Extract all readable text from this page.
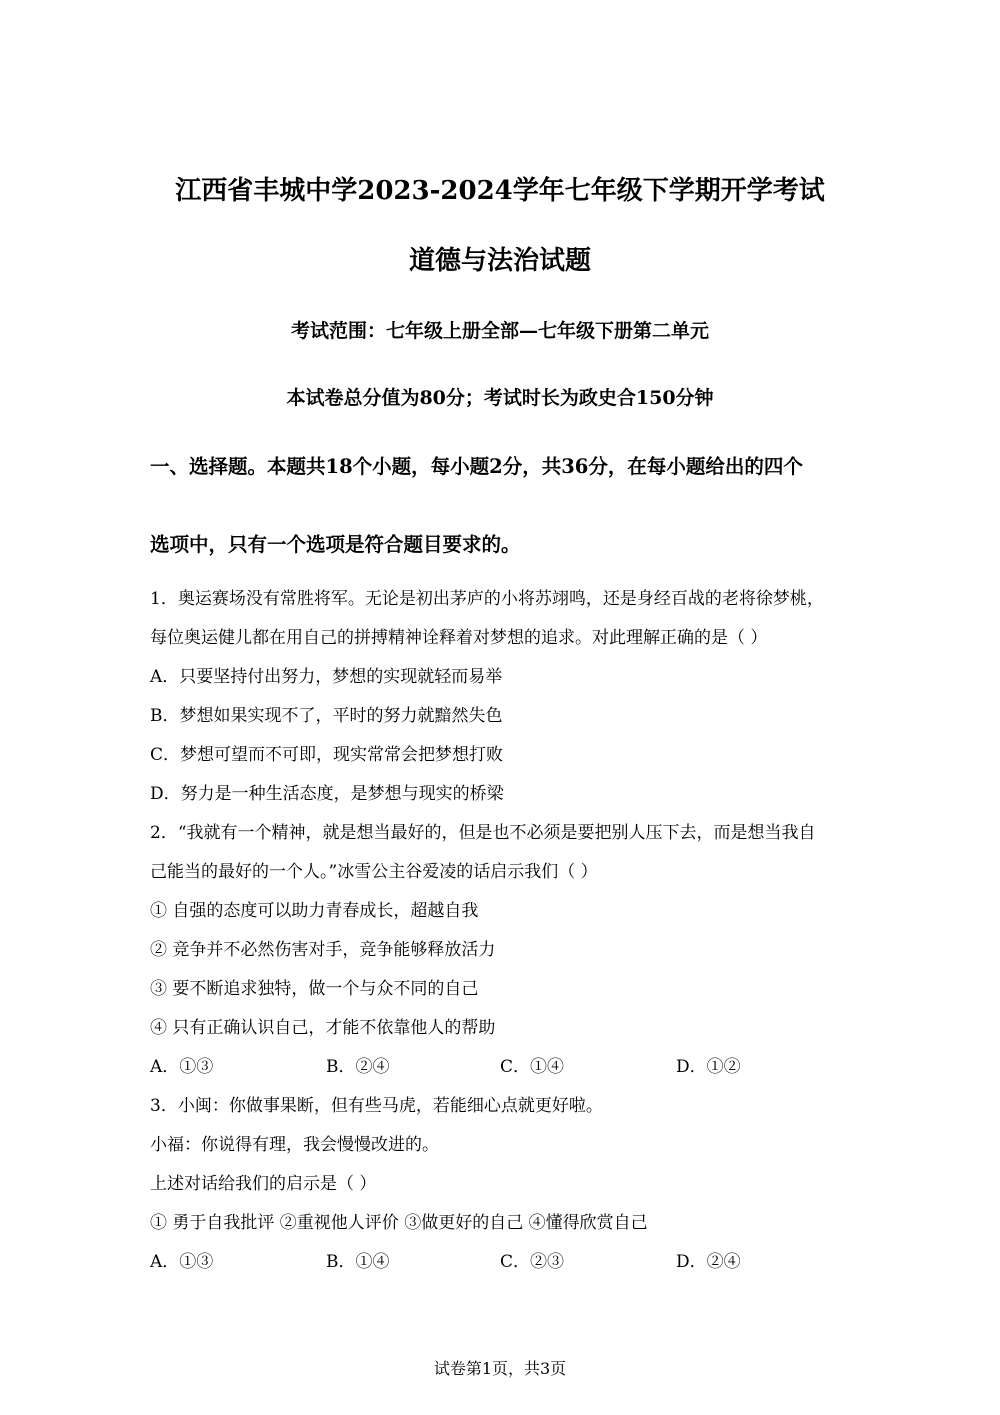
江西省丰城中学2023-2024学年七年级下学期开学考试
道德与法治试题
考试范围：七年级上册全部—七年级下册第二单元
本试卷总分值为80分；考试时长为政史合150分钟
一、选择题。本题共18个小题，每小题2分，共36分，在每小题给出的四个
选项中，只有一个选项是符合题目要求的。
1．奥运赛场没有常胜将军。无论是初出茅庐的小将苏翊鸣，还是身经百战的老将徐梦桃，
每位奥运健儿都在用自己的拼搏精神诠释着对梦想的追求。对此理解正确的是（ ）
A．只要坚持付出努力，梦想的实现就轻而易举
B．梦想如果实现不了，平时的努力就黯然失色
C．梦想可望而不可即，现实常常会把梦想打败
D．努力是一种生活态度，是梦想与现实的桥梁
2．“我就有一个精神，就是想当最好的，但是也不必须是要把别人压下去，而是想当我自
己能当的最好的一个人。”冰雪公主谷爱凌的话启示我们（ ）
① 自强的态度可以助力青春成长，超越自我
② 竞争并不必然伤害对手，竞争能够释放活力
③ 要不断追求独特，做一个与众不同的自己
④ 只有正确认识自己，才能不依靠他人的帮助
A．①③	B．②④	C．①④	D．①②
3．小闽：你做事果断，但有些马虎，若能细心点就更好啦。
小福：你说得有理，我会慢慢改进的。
上述对话给我们的启示是（ ）
① 勇于自我批评 ②重视他人评价 ③做更好的自己 ④懂得欣赏自己
A．①③	B．①④	C．②③	D．②④
试卷第1页，共3页
